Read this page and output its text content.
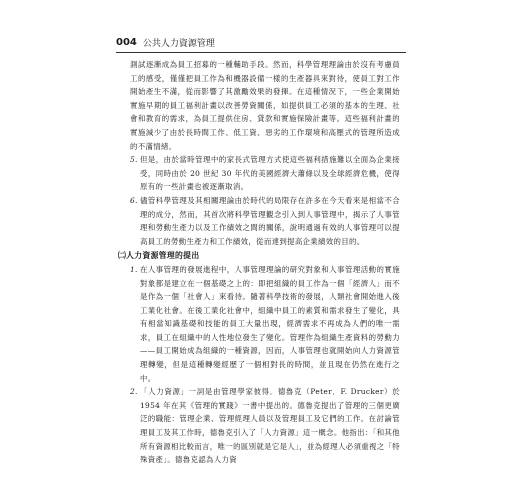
004 公共人力資源管理
測試逐漸成為員工招募的一種輔助手段。然而，科學管理理論由於沒有考慮員工的感受，僅僅把員工作為和機器設備一樣的生產器具來對待，使員工對工作開始產生不滿，從而影響了其激勵效果的發揮。在這種情況下，一些企業開始實施早期的員工福利計畫以改善勞資關係，如提供員工必須的基本的生理、社會和教育的需求，為員工提供住房、貸款和實施保險計畫等。這些福利計畫的實施減少了由於長時間工作、低工資、惡劣的工作環境和高壓式的管理所造成的不滿情緒。
5. 但是，由於當時管理中的家長式管理方式使這些福利措施難以全面為企業接受，同時由於 20 世紀 30 年代的美國經濟大蕭條以及全球經濟危機，使得原有的一些計畫也被逐漸取消。
6. 儘管科學管理及其相關理論由於時代的局限存在許多在今天看來是相當不合理的成分，然而，其首次將科學管理觀念引入到人事管理中，揭示了人事管理和勞動生產力以及工作績效之間的關係，說明通過有效的人事管理可以提高員工的勞動生產力和工作績效，從而達到提高企業績效的目的。
㈡人力資源管理的提出
1. 在人事管理的發展進程中，人事管理理論的研究對象和人事管理活動的實施對象都是建立在一個基礎之上的：即把組織的員工作為一個「經濟人」而不是作為一個「社會人」來看待。隨著科學技術的發展，人類社會開始進入後工業化社會。在後工業化社會中，組織中員工的素質和需求發生了變化，具有相當知識基礎和技能的員工大量出現，經濟需求不再成為人們的唯一需求，員工在組織中的人性地位發生了變化。管理作為組織生產資料的勞動力——員工開始成為組織的一種資源，因而，人事管理也就開始向人力資源管理轉變，但是這種轉變經歷了一個相對長的時間，並且現在仍然在進行之中。
2. 「人力資源」一詞是由管理學家彼得．德魯克（Peter．F. Drucker）於 1954 年在其《管理的實踐》一書中提出的。德魯克提出了管理的三個更廣泛的職能：管理企業、管理經理人員以及管理員工及它們的工作。在討論管理員工及其工作時，德魯克引入了「人力資源」這一概念。他指出：「和其他所有資源相比較而言，唯一的區別就是它是人」，並為經理人必須重視之「特殊資產」。德魯克認為人力資
